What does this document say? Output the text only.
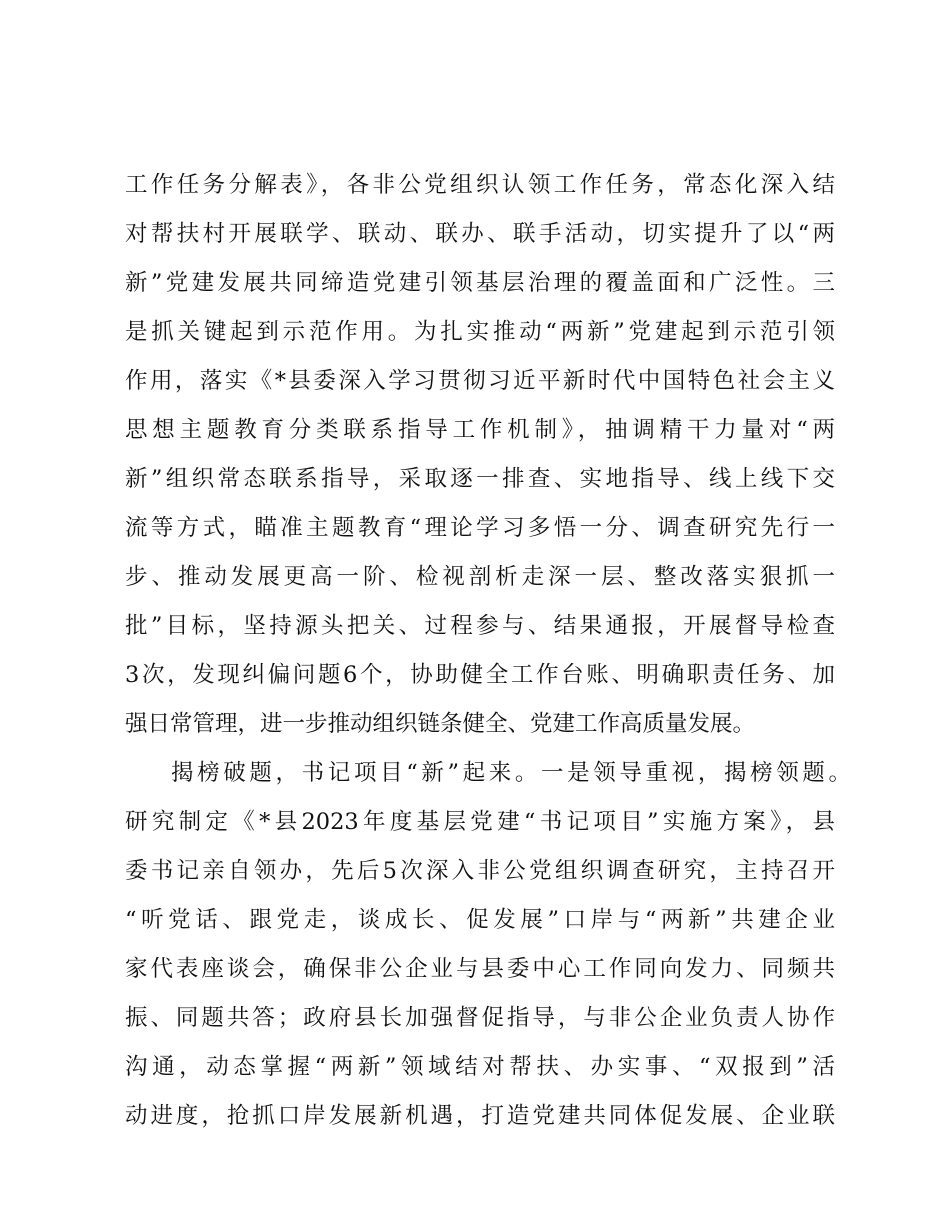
工作任务分解表》，各非公党组织认领工作任务，常态化深入结
对帮扶村开展联学、联动、联办、联手活动，切实提升了以“两
新”党建发展共同缔造党建引领基层治理的覆盖面和广泛性。三
是抓关键起到示范作用。为扎实推动“两新”党建起到示范引领
作用，落实《*县委深入学习贯彻习近平新时代中国特色社会主义
思想主题教育分类联系指导工作机制》，抽调精干力量对“两
新”组织常态联系指导，采取逐一排查、实地指导、线上线下交
流等方式，瞄准主题教育“理论学习多悟一分、调查研究先行一
步、推动发展更高一阶、检视剖析走深一层、整改落实狠抓一
批”目标，坚持源头把关、过程参与、结果通报，开展督导检查
3次，发现纠偏问题6个，协助健全工作台账、明确职责任务、加
强日常管理，进一步推动组织链条健全、党建工作高质量发展。
揭榜破题，书记项目“新”起来。一是领导重视，揭榜领题。
研究制定《*县2023年度基层党建“书记项目”实施方案》，县
委书记亲自领办，先后5次深入非公党组织调查研究，主持召开
“听党话、跟党走，谈成长、促发展”口岸与“两新”共建企业
家代表座谈会，确保非公企业与县委中心工作同向发力、同频共
振、同题共答；政府县长加强督促指导，与非公企业负责人协作
沟通，动态掌握“两新”领域结对帮扶、办实事、“双报到”活
动进度，抢抓口岸发展新机遇，打造党建共同体促发展、企业联
